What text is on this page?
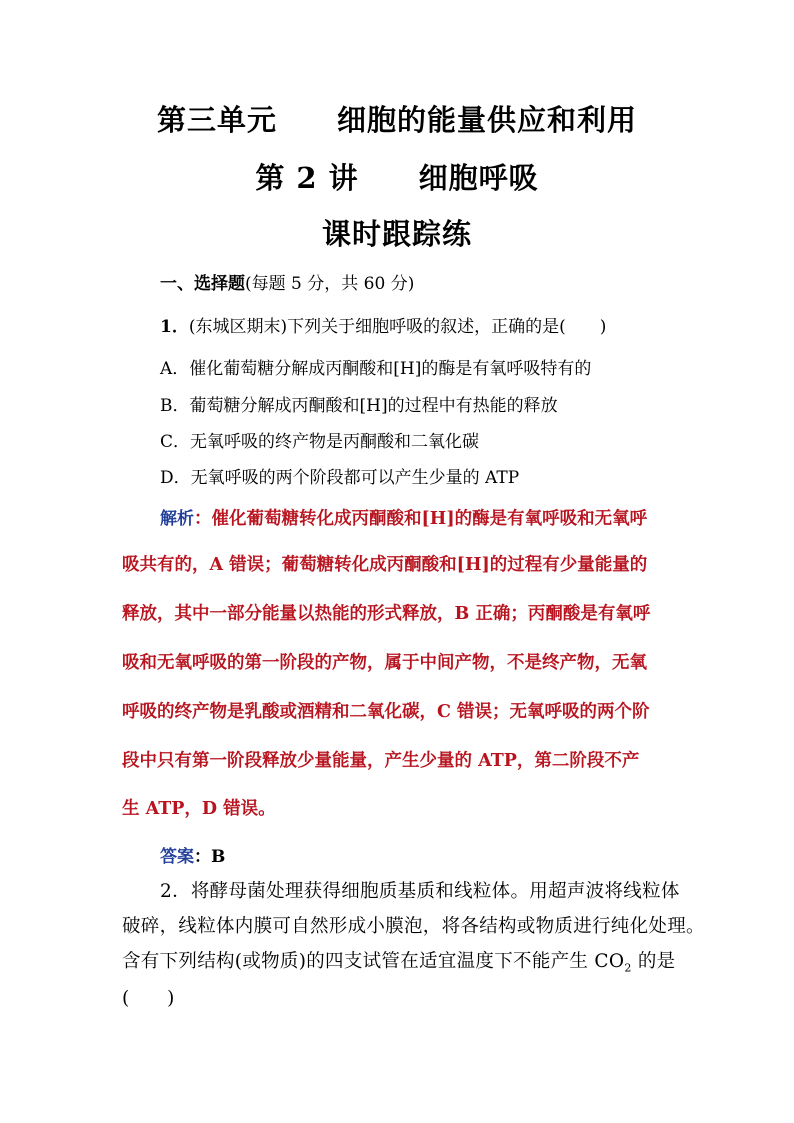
第三单元　　细胞的能量供应和利用
第 2 讲　　细胞呼吸
课时跟踪练
一、选择题(每题 5 分，共 60 分)
1．(东城区期末)下列关于细胞呼吸的叙述，正确的是(　　)
A．催化葡萄糖分解成丙酮酸和[H]的酶是有氧呼吸特有的
B．葡萄糖分解成丙酮酸和[H]的过程中有热能的释放
C．无氧呼吸的终产物是丙酮酸和二氧化碳
D．无氧呼吸的两个阶段都可以产生少量的 ATP
解析：催化葡萄糖转化成丙酮酸和[H]的酶是有氧呼吸和无氧呼
吸共有的，A 错误；葡萄糖转化成丙酮酸和[H]的过程有少量能量的
释放，其中一部分能量以热能的形式释放，B 正确；丙酮酸是有氧呼
吸和无氧呼吸的第一阶段的产物，属于中间产物，不是终产物，无氧
呼吸的终产物是乳酸或酒精和二氧化碳，C 错误；无氧呼吸的两个阶
段中只有第一阶段释放少量能量，产生少量的 ATP，第二阶段不产
生 ATP，D 错误。
答案：B
2．将酵母菌处理获得细胞质基质和线粒体。用超声波将线粒体
破碎，线粒体内膜可自然形成小膜泡，将各结构或物质进行纯化处理。
含有下列结构(或物质)的四支试管在适宜温度下不能产生 $CO_2$ 的是
(　　)
